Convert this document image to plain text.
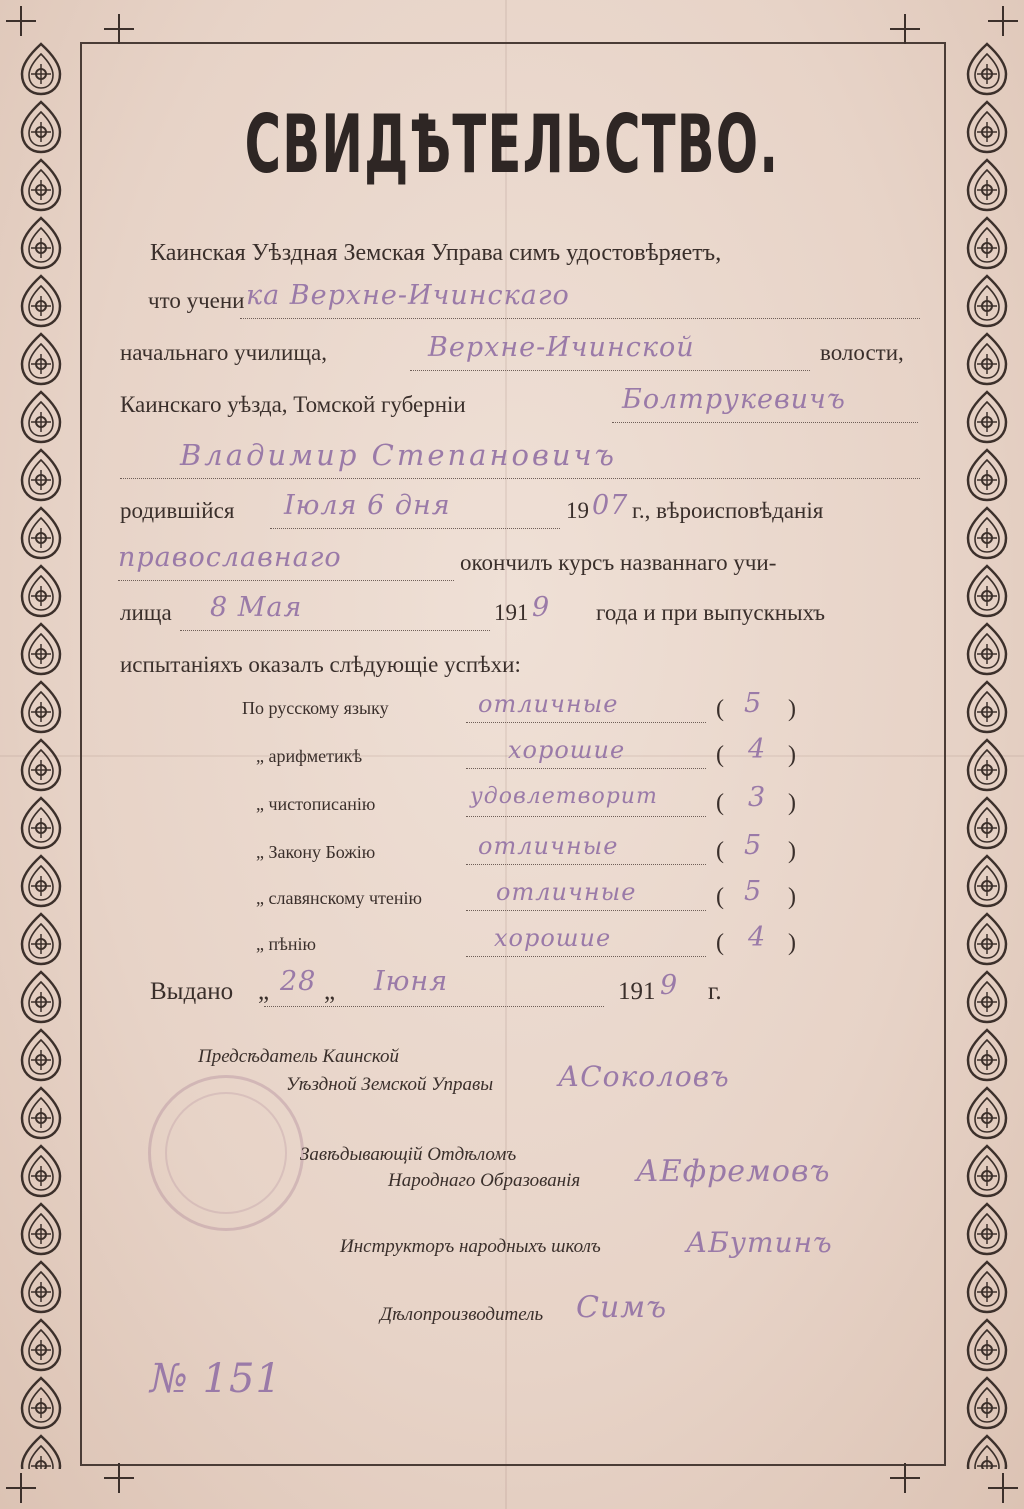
СВИДѢТЕЛЬСТВО.
Каинская Уѣздная Земская Управа симъ удостовѣряетъ,
что учени ка Верхне-Ичинскаго
начальнаго училища,	Верхне-Ичинской	волости,
Каинскаго уѣзда, Томской губерніи	Болтрукевичъ
Владимир Степановичъ
родившійся Іюля 6 дня	19 07 г., вѣроисповѣданія
православнаго	окончилъ курсъ названнаго учи-
лища 8 Мая	191 9 года и при выпускныхъ
испытаніяхъ оказалъ слѣдующіе успѣхи:
По русскому языку	отличные	( 5 )
„ арифметикѣ	хорошие	( 4 )
„ чистописанію	удовлетворит ( 3 )
„ Закону Божію	отличные	( 5 )
„ славянскому чтенію	отличные	( 5 )
„ пѣнію	хорошие	( 4 )
Выдано „ 28 „ Іюня	191 9 г.
Предсѣдатель Каинской
Уѣздной Земской Управы АСоколовъ
Завѣдывающій Отдѣломъ
Народнаго Образованія АЕфремовъ
Инструкторъ народныхъ школъ	АБутинъ
Дѣлопроизводитель Симъ
№ 151
